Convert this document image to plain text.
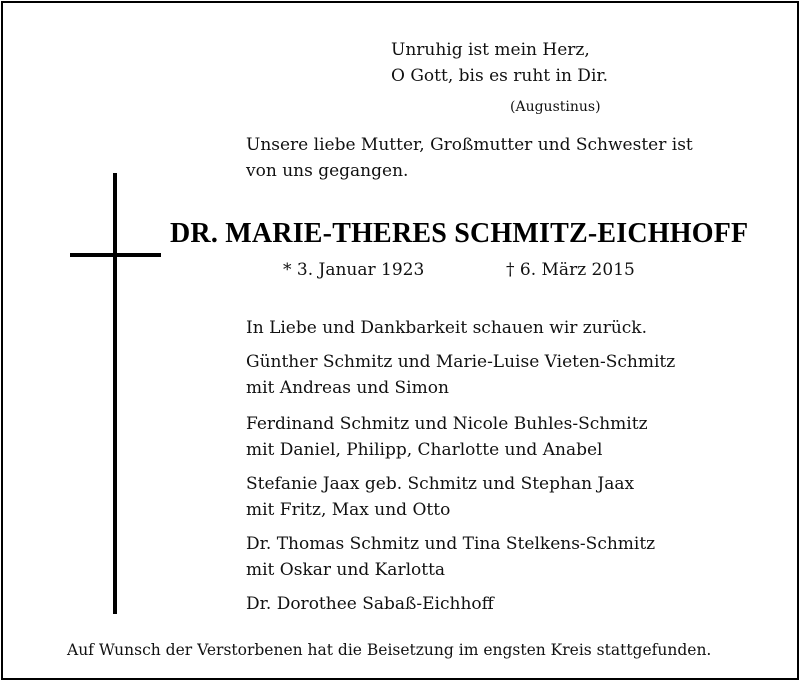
Unruhig ist mein Herz,
O Gott, bis es ruht in Dir.
(Augustinus)
Unsere liebe Mutter, Großmutter und Schwester ist
von uns gegangen.
DR. MARIE-THERES SCHMITZ-EICHHOFF
* 3. Januar 1923	† 6. März 2015
In Liebe und Dankbarkeit schauen wir zurück.
Günther Schmitz und Marie-Luise Vieten-Schmitz
mit Andreas und Simon
Ferdinand Schmitz und Nicole Buhles-Schmitz
mit Daniel, Philipp, Charlotte und Anabel
Stefanie Jaax geb. Schmitz und Stephan Jaax
mit Fritz, Max und Otto
Dr. Thomas Schmitz und Tina Stelkens-Schmitz
mit Oskar und Karlotta
Dr. Dorothee Sabaß-Eichhoff
Auf Wunsch der Verstorbenen hat die Beisetzung im engsten Kreis stattgefunden.
